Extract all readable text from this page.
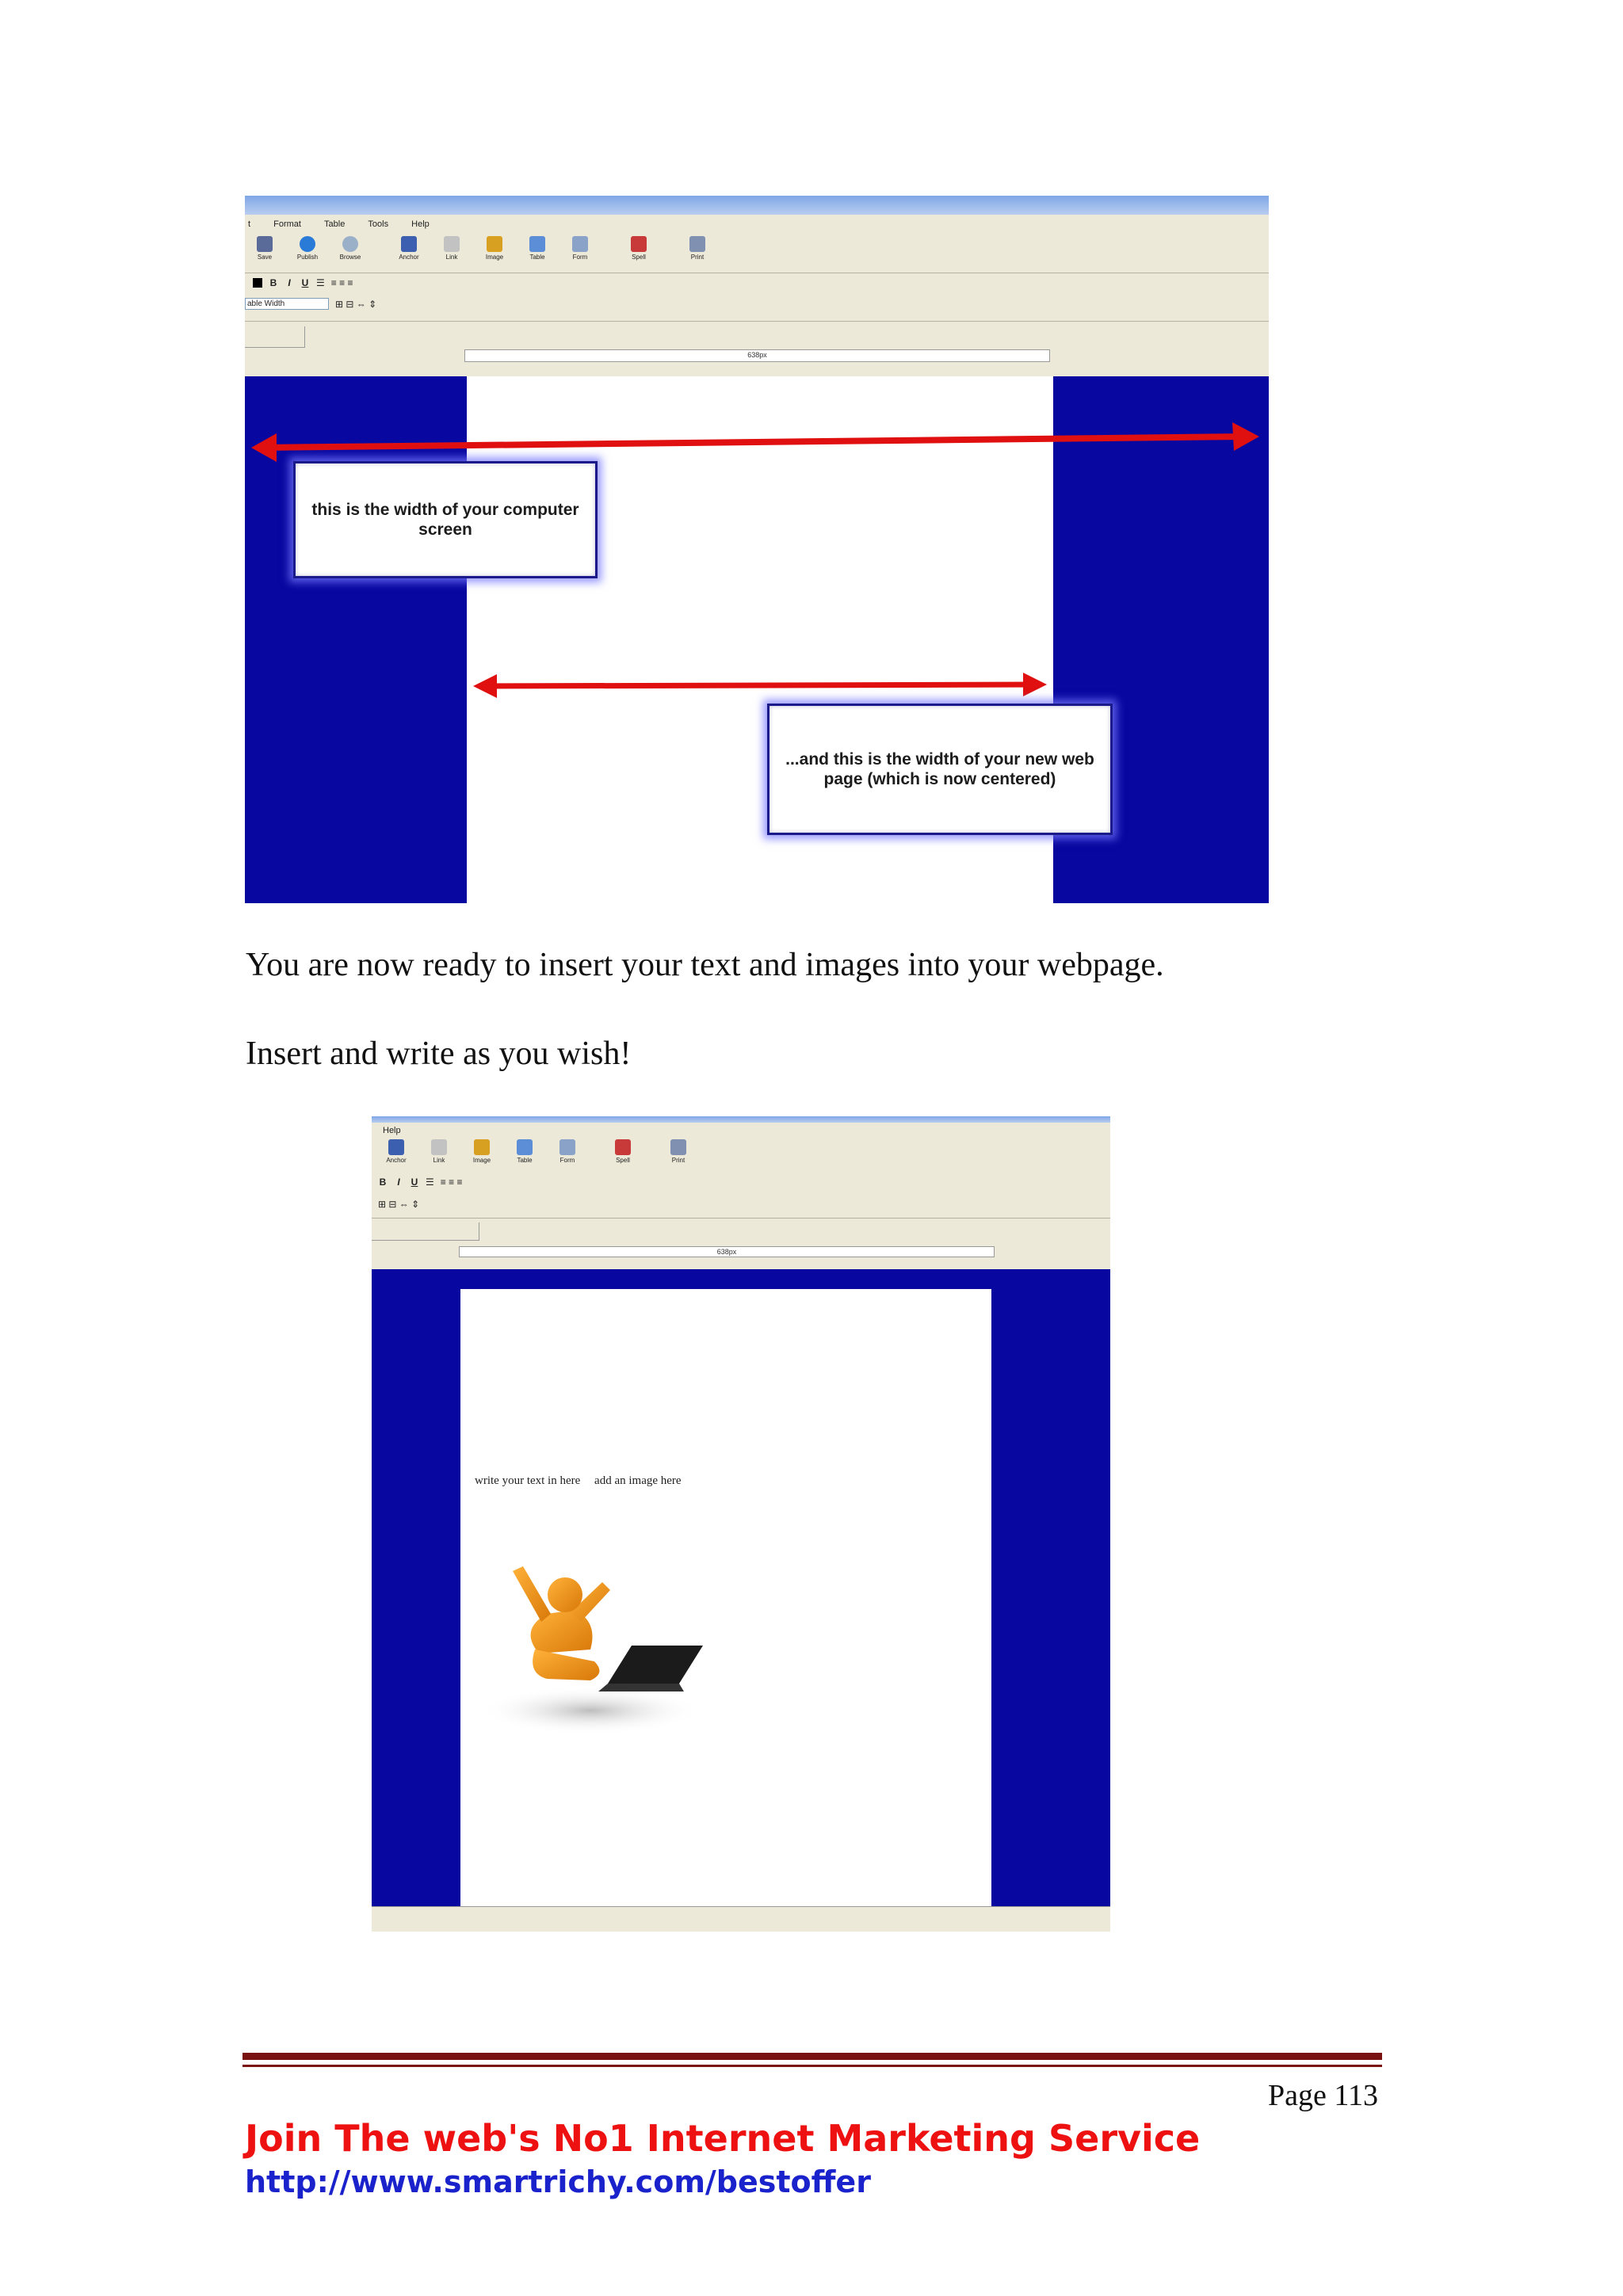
t	Format	Table	Tools	Help
Save	Publish	Browse	Anchor	Link	Image	Table	Form	Spell	Print
B	I	U ☰ ≡ ≡ ≡
able Width	⊞ ⊟ ⇔ ⇕
638px
this is the width of your computer screen
...and this is the width of your new web page (which is now centered)
You are now ready to insert your text and images into your webpage.
Insert and write as you wish!
Help
Anchor	Link	Image	Table	Form	Spell	Print
B	I	U ☰ ≡ ≡ ≡
⊞ ⊟ ⇔ ⇕
638px
write your text in here add an image here
Page 113
Join The web's No1 Internet Marketing Service
http://www.smartrichy.com/bestoffer
